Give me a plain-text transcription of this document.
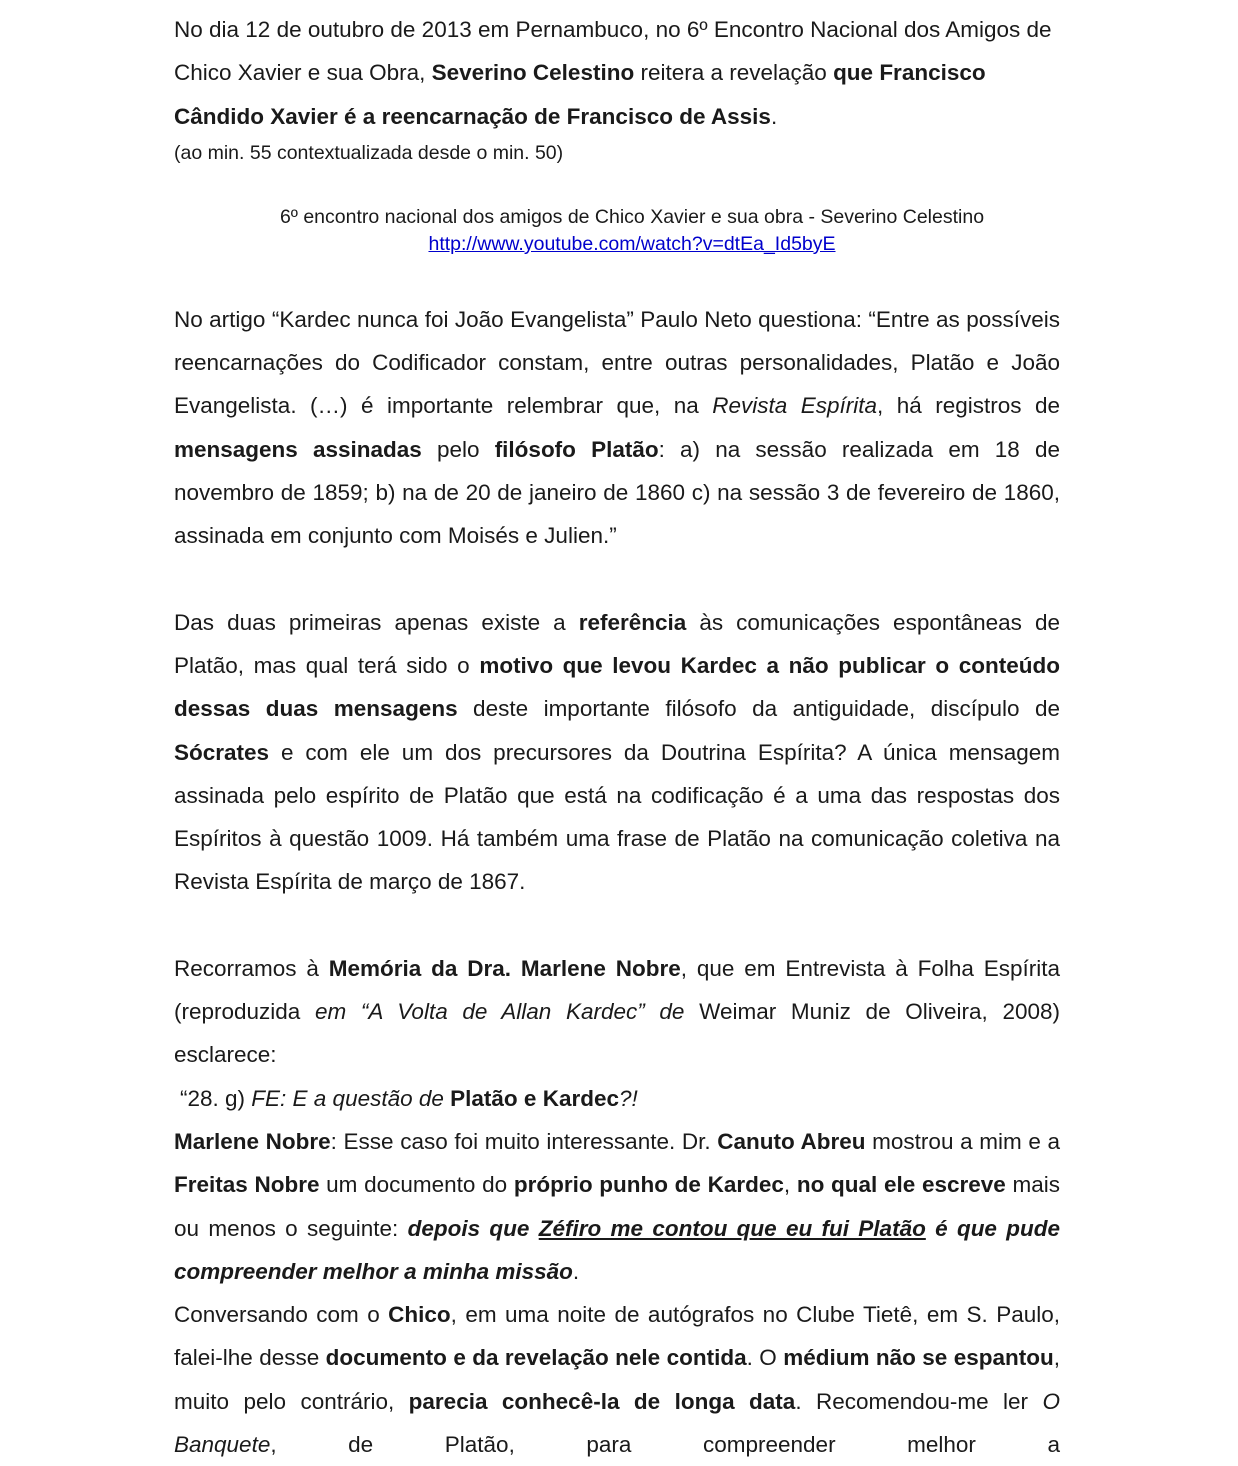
No dia 12 de outubro de 2013 em Pernambuco, no 6º Encontro Nacional dos Amigos de Chico Xavier e sua Obra, Severino Celestino reitera a revelação que Francisco Cândido Xavier é a reencarnação de Francisco de Assis.

(ao min. 55 contextualizada desde o min. 50)

6º encontro nacional dos amigos de Chico Xavier e sua obra - Severino Celestino
http://www.youtube.com/watch?v=dtEa_Id5byE

No artigo “Kardec nunca foi João Evangelista” Paulo Neto questiona: “Entre as possíveis reencarnações do Codificador constam, entre outras personalidades, Platão e João Evangelista. (…) é importante relembrar que, na Revista Espírita, há registros de mensagens assinadas pelo filósofo Platão: a) na sessão realizada em 18 de novembro de 1859; b) na de 20 de janeiro de 1860 c) na sessão 3 de fevereiro de 1860, assinada em conjunto com Moisés e Julien.”

Das duas primeiras apenas existe a referência às comunicações espontâneas de Platão, mas qual terá sido o motivo que levou Kardec a não publicar o conteúdo dessas duas mensagens deste importante filósofo da antiguidade, discípulo de Sócrates e com ele um dos precursores da Doutrina Espírita? A única mensagem assinada pelo espírito de Platão que está na codificação é a uma das respostas dos Espíritos à questão 1009. Há também uma frase de Platão na comunicação coletiva na Revista Espírita de março de 1867.

Recorramos à Memória da Dra. Marlene Nobre, que em Entrevista à Folha Espírita (reproduzida em “A Volta de Allan Kardec” de Weimar Muniz de Oliveira, 2008) esclarece:

“28. g) FE: E a questão de Platão e Kardec?!

Marlene Nobre: Esse caso foi muito interessante. Dr. Canuto Abreu mostrou a mim e a Freitas Nobre um documento do próprio punho de Kardec, no qual ele escreve mais ou menos o seguinte: depois que Zéfiro me contou que eu fui Platão é que pude compreender melhor a minha missão.

Conversando com o Chico, em uma noite de autógrafos no Clube Tietê, em S. Paulo, falei-lhe desse documento e da revelação nele contida. O médium não se espantou, muito pelo contrário, parecia conhecê-la de longa data. Recomendou-me ler O Banquete, de Platão, para compreender melhor a
